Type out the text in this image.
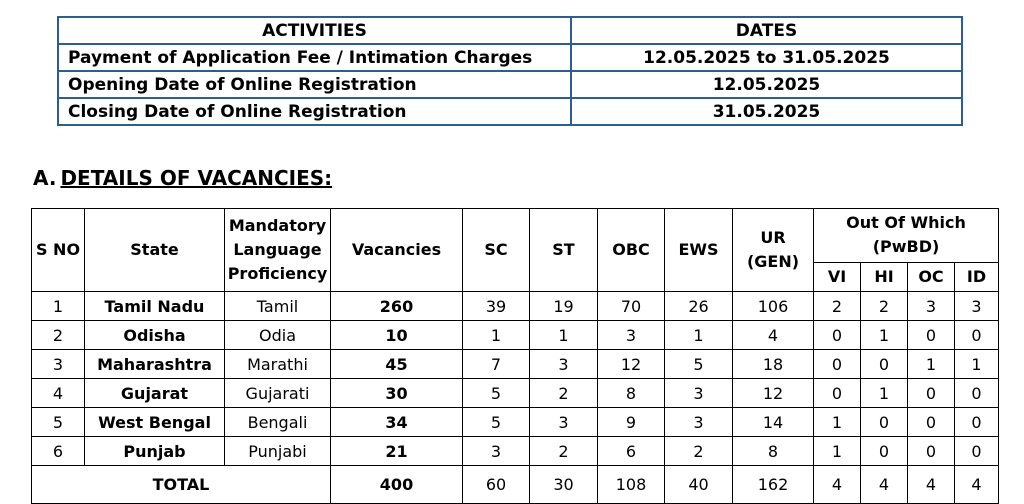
ACTIVITIES	DATES
Payment of Application Fee / Intimation Charges	12.05.2025 to 31.05.2025
Opening Date of Online Registration	12.05.2025
Closing Date of Online Registration	31.05.2025
A. DETAILS OF VACANCIES:
S NO	State	Mandatory Language Proficiency	Vacancies	SC	ST	OBC	EWS	UR (GEN)	Out Of Which (PwBD)			
									VI	HI	OC	ID
1	Tamil Nadu	Tamil	260	39	19	70	26	106	2	2	3	3
2	Odisha	Odia	10	1	1	3	1	4	0	1	0	0
3	Maharashtra	Marathi	45	7	3	12	5	18	0	0	1	1
4	Gujarat	Gujarati	30	5	2	8	3	12	0	1	0	0
5	West Bengal	Bengali	34	5	3	9	3	14	1	0	0	0
6	Punjab	Punjabi	21	3	2	6	2	8	1	0	0	0
TOTAL			400	60	30	108	40	162	4	4	4	4
